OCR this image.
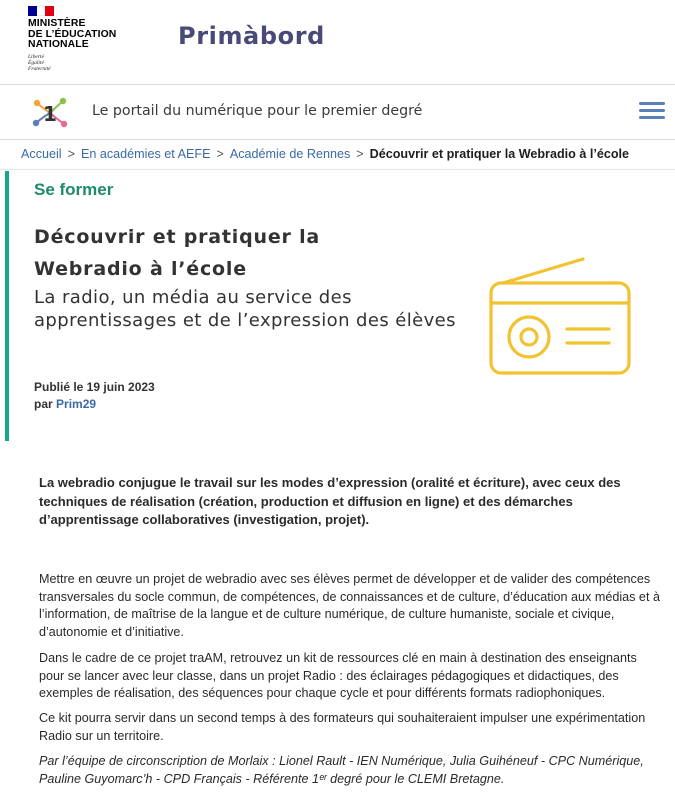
MINISTÈRE
DE L’ÉDUCATION
NATIONALE
Liberté
Égalité
Fraternité
Primàbord
1 Le portail du numérique pour le premier degré
Accueil > En académies et AEFE > Académie de Rennes > Découvrir et pratiquer la Webradio à l’école
Se former
Découvrir et pratiquer la Webradio à l’école
La radio, un média au service des apprentissages et de l’expression des élèves
Publié le 19 juin 2023
par Prim29

La webradio conjugue le travail sur les modes d’expression (oralité et écriture), avec ceux des techniques de réalisation (création, production et diffusion en ligne) et des démarches d’apprentissage collaboratives (investigation, projet).

Mettre en œuvre un projet de webradio avec ses élèves permet de développer et de valider des compétences transversales du socle commun, de compétences, de connaissances et de culture, d’éducation aux médias et à l’information, de maîtrise de la langue et de culture numérique, de culture humaniste, sociale et civique, d’autonomie et d’initiative.

Dans le cadre de ce projet traAM, retrouvez un kit de ressources clé en main à destination des enseignants pour se lancer avec leur classe, dans un projet Radio : des éclairages pédagogiques et didactiques, des exemples de réalisation, des séquences pour chaque cycle et pour différents formats radiophoniques.

Ce kit pourra servir dans un second temps à des formateurs qui souhaiteraient impulser une expérimentation Radio sur un territoire.

Par l’équipe de circonscription de Morlaix : Lionel Rault - IEN Numérique, Julia Guihéneuf - CPC Numérique, Pauline Guyomarc’h - CPD Français - Référente 1ᵉʳ degré pour le CLEMI Bretagne.
